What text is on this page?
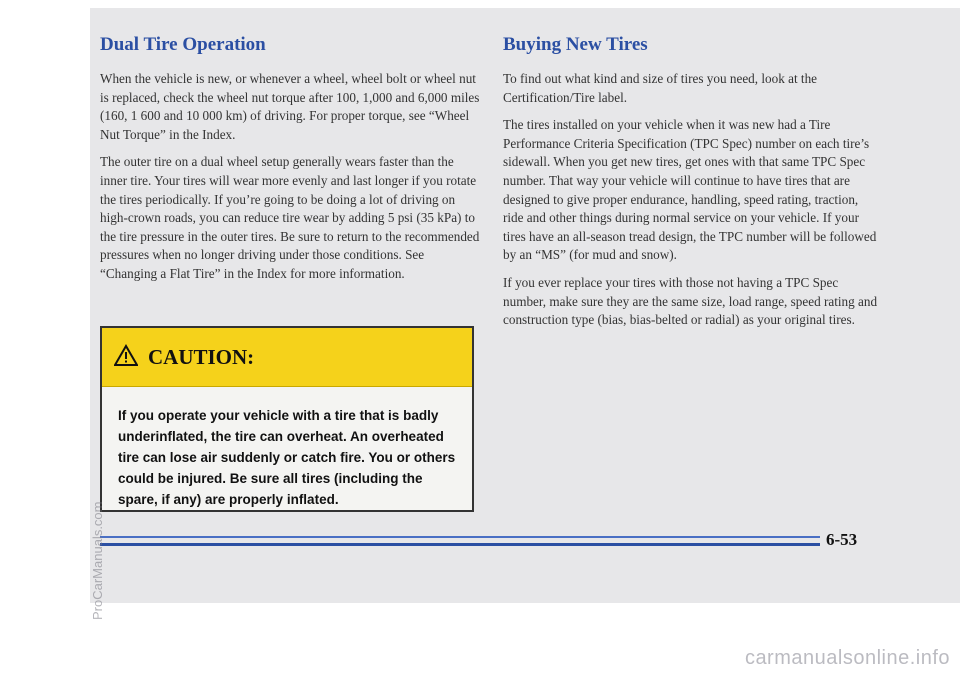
Dual Tire Operation

When the vehicle is new, or whenever a wheel, wheel bolt or wheel nut is replaced, check the wheel nut torque after 100, 1,000 and 6,000 miles (160, 1 600 and 10 000 km) of driving. For proper torque, see “Wheel Nut Torque” in the Index.

The outer tire on a dual wheel setup generally wears faster than the inner tire. Your tires will wear more evenly and last longer if you rotate the tires periodically. If you’re going to be doing a lot of driving on high-crown roads, you can reduce tire wear by adding 5 psi (35 kPa) to the tire pressure in the outer tires. Be sure to return to the recommended pressures when no longer driving under those conditions. See “Changing a Flat Tire” in the Index for more information.

CAUTION:
If you operate your vehicle with a tire that is badly underinflated, the tire can overheat. An overheated tire can lose air suddenly or catch fire. You or others could be injured. Be sure all tires (including the spare, if any) are properly inflated.
Buying New Tires

To find out what kind and size of tires you need, look at the Certification/Tire label.

The tires installed on your vehicle when it was new had a Tire Performance Criteria Specification (TPC Spec) number on each tire’s sidewall. When you get new tires, get ones with that same TPC Spec number. That way your vehicle will continue to have tires that are designed to give proper endurance, handling, speed rating, traction, ride and other things during normal service on your vehicle. If your tires have an all-season tread design, the TPC number will be followed by an “MS” (for mud and snow).

If you ever replace your tires with those not having a TPC Spec number, make sure they are the same size, load range, speed rating and construction type (bias, bias-belted or radial) as your original tires.

6-53
ProCarManuals.com
carmanualsonline.info
